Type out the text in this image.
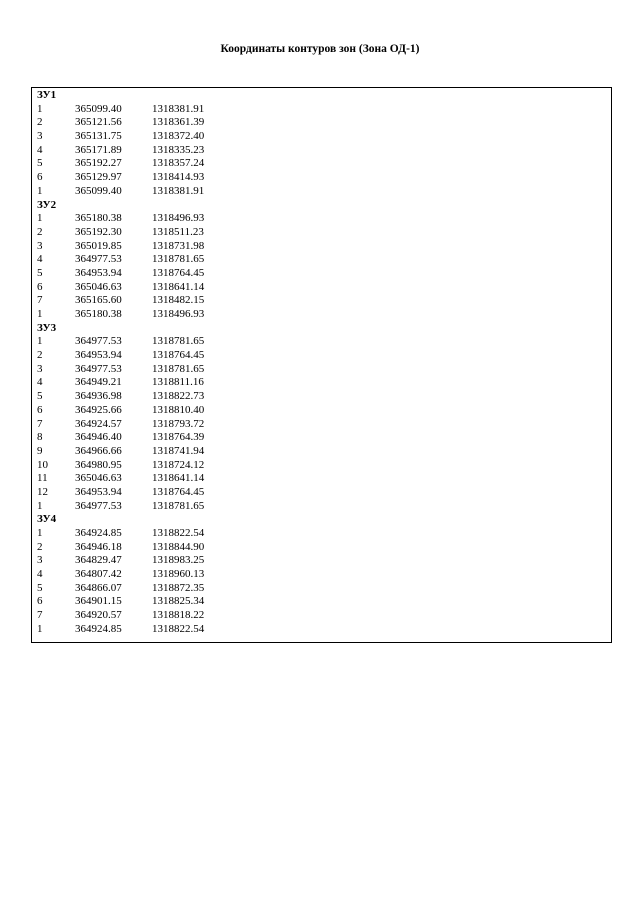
Координаты контуров зон (Зона ОД-1)
ЗУ1
1	365099.40	1318381.91
2	365121.56	1318361.39
3	365131.75	1318372.40
4	365171.89	1318335.23
5	365192.27	1318357.24
6	365129.97	1318414.93
1	365099.40	1318381.91
ЗУ2
1	365180.38	1318496.93
2	365192.30	1318511.23
3	365019.85	1318731.98
4	364977.53	1318781.65
5	364953.94	1318764.45
6	365046.63	1318641.14
7	365165.60	1318482.15
1	365180.38	1318496.93
ЗУ3
1	364977.53	1318781.65
2	364953.94	1318764.45
3	364977.53	1318781.65
4	364949.21	1318811.16
5	364936.98	1318822.73
6	364925.66	1318810.40
7	364924.57	1318793.72
8	364946.40	1318764.39
9	364966.66	1318741.94
10 364980.95	1318724.12
11 365046.63	1318641.14
12 364953.94	1318764.45
1	364977.53	1318781.65
ЗУ4
1	364924.85	1318822.54
2	364946.18	1318844.90
3	364829.47	1318983.25
4	364807.42	1318960.13
5	364866.07	1318872.35
6	364901.15	1318825.34
7	364920.57	1318818.22
1	364924.85	1318822.54
